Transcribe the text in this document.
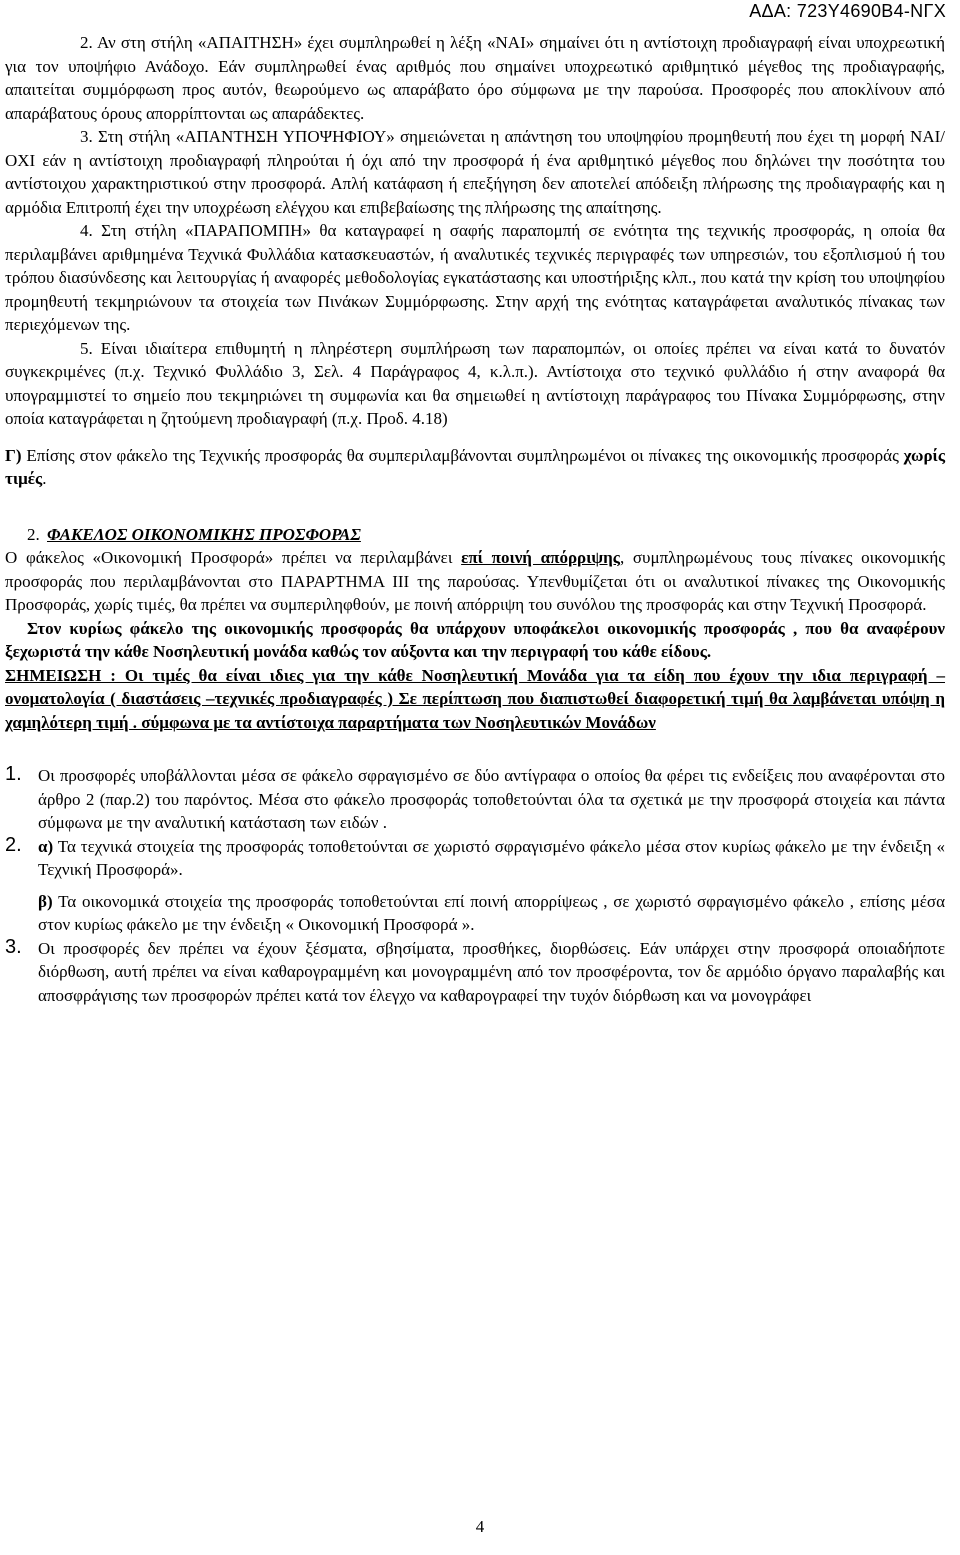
ΑΔΑ: 723Υ4690Β4-ΝΓΧ

2. Αν στη στήλη «ΑΠΑΙΤΗΣΗ» έχει συμπληρωθεί η λέξη «ΝΑΙ» σημαίνει ότι η αντίστοιχη προδιαγραφή είναι υποχρεωτική για τον υποψήφιο Ανάδοχο. Εάν συμπληρωθεί ένας αριθμός που σημαίνει υποχρεωτικό αριθμητικό μέγεθος της προδιαγραφής, απαιτείται συμμόρφωση προς αυτόν, θεωρούμενο ως απαράβατο όρο σύμφωνα με την παρούσα. Προσφορές που αποκλίνουν από απαράβατους όρους απορρίπτονται ως απαράδεκτες.

3. Στη στήλη «ΑΠΑΝΤΗΣΗ ΥΠΟΨΗΦΙΟΥ» σημειώνεται η απάντηση του υποψηφίου προμηθευτή που έχει τη μορφή ΝΑΙ/ΟΧΙ εάν η αντίστοιχη προδιαγραφή πληρούται ή όχι από την προσφορά ή ένα αριθμητικό μέγεθος που δηλώνει την ποσότητα του αντίστοιχου χαρακτηριστικού στην προσφορά. Απλή κατάφαση ή επεξήγηση δεν αποτελεί απόδειξη πλήρωσης της προδιαγραφής και η αρμόδια Επιτροπή έχει την υποχρέωση ελέγχου και επιβεβαίωσης της πλήρωσης της απαίτησης.

4. Στη στήλη «ΠΑΡΑΠΟΜΠΗ» θα καταγραφεί η σαφής παραπομπή σε ενότητα της τεχνικής προσφοράς, η οποία θα περιλαμβάνει αριθμημένα Τεχνικά Φυλλάδια κατασκευαστών, ή αναλυτικές τεχνικές περιγραφές των υπηρεσιών, του εξοπλισμού ή του τρόπου διασύνδεσης και λειτουργίας ή αναφορές μεθοδολογίας εγκατάστασης και υποστήριξης κλπ., που κατά την κρίση του υποψηφίου προμηθευτή τεκμηριώνουν τα στοιχεία των Πινάκων Συμμόρφωσης. Στην αρχή της ενότητας καταγράφεται αναλυτικός πίνακας των περιεχόμενων της.

5. Είναι ιδιαίτερα επιθυμητή η πληρέστερη συμπλήρωση των παραπομπών, οι οποίες πρέπει να είναι κατά το δυνατόν συγκεκριμένες (π.χ. Τεχνικό Φυλλάδιο 3, Σελ. 4 Παράγραφος 4, κ.λ.π.). Αντίστοιχα στο τεχνικό φυλλάδιο ή στην αναφορά θα υπογραμμιστεί το σημείο που τεκμηριώνει τη συμφωνία και θα σημειωθεί η αντίστοιχη παράγραφος του Πίνακα Συμμόρφωσης, στην οποία καταγράφεται η ζητούμενη προδιαγραφή (π.χ. Προδ. 4.18)

Γ) Επίσης στον φάκελο της Τεχνικής προσφοράς θα συμπεριλαμβάνονται συμπληρωμένοι οι πίνακες της οικονομικής προσφοράς χωρίς τιμές.

2. ΦΑΚΕΛΟΣ ΟΙΚΟΝΟΜΙΚΗΣ ΠΡΟΣΦΟΡΑΣ

Ο φάκελος «Οικονομική Προσφορά» πρέπει να περιλαμβάνει επί ποινή απόρριψης, συμπληρωμένους τους πίνακες οικονομικής προσφοράς που περιλαμβάνονται στο ΠΑΡΑΡΤΗΜΑ ΙΙΙ της παρούσας. Υπενθυμίζεται ότι οι αναλυτικοί πίνακες της Οικονομικής Προσφοράς, χωρίς τιμές, θα πρέπει να συμπεριληφθούν, με ποινή απόρριψη του συνόλου της προσφοράς και στην Τεχνική Προσφορά.

Στον κυρίως φάκελο της οικονομικής προσφοράς θα υπάρχουν υποφάκελοι οικονομικής προσφοράς , που θα αναφέρουν ξεχωριστά την κάθε Νοσηλευτική μονάδα καθώς τον αύξοντα και την περιγραφή του κάθε είδους.

ΣΗΜΕΙΩΣΗ : Οι τιμές θα είναι ιδιες για την κάθε Νοσηλευτική Μονάδα για τα είδη που έχουν την ιδια περιγραφή – ονοματολογία ( διαστάσεις –τεχνικές προδιαγραφές ) Σε περίπτωση που διαπιστωθεί διαφορετική τιμή θα λαμβάνεται υπόψη η χαμηλότερη τιμή . σύμφωνα με τα αντίστοιχα παραρτήματα των Νοσηλευτικών Μονάδων

1. Οι προσφορές υποβάλλονται μέσα σε φάκελο σφραγισμένο σε δύο αντίγραφα ο οποίος θα φέρει τις ενδείξεις που αναφέρονται στο άρθρο 2 (παρ.2) του παρόντος. Μέσα στο φάκελο προσφοράς τοποθετούνται όλα τα σχετικά με την προσφορά στοιχεία και πάντα σύμφωνα με την αναλυτική κατάσταση των ειδών .
2. α) Τα τεχνικά στοιχεία της προσφοράς τοποθετούνται σε χωριστό σφραγισμένο φάκελο μέσα στον κυρίως φάκελο με την ένδειξη « Τεχνική Προσφορά».
β) Τα οικονομικά στοιχεία της προσφοράς τοποθετούνται επί ποινή απορρίψεως , σε χωριστό σφραγισμένο φάκελο , επίσης μέσα στον κυρίως φάκελο με την ένδειξη « Οικονομική Προσφορά ».
3. Οι προσφορές δεν πρέπει να έχουν ξέσματα, σβησίματα, προσθήκες, διορθώσεις. Εάν υπάρχει στην προσφορά οποιαδήποτε διόρθωση, αυτή πρέπει να είναι καθαρογραμμένη και μονογραμμένη από τον προσφέροντα, τον δε αρμόδιο όργανο παραλαβής και αποσφράγισης των προσφορών πρέπει κατά τον έλεγχο να καθαρογραφεί την τυχόν διόρθωση και να μονογράφει
4
